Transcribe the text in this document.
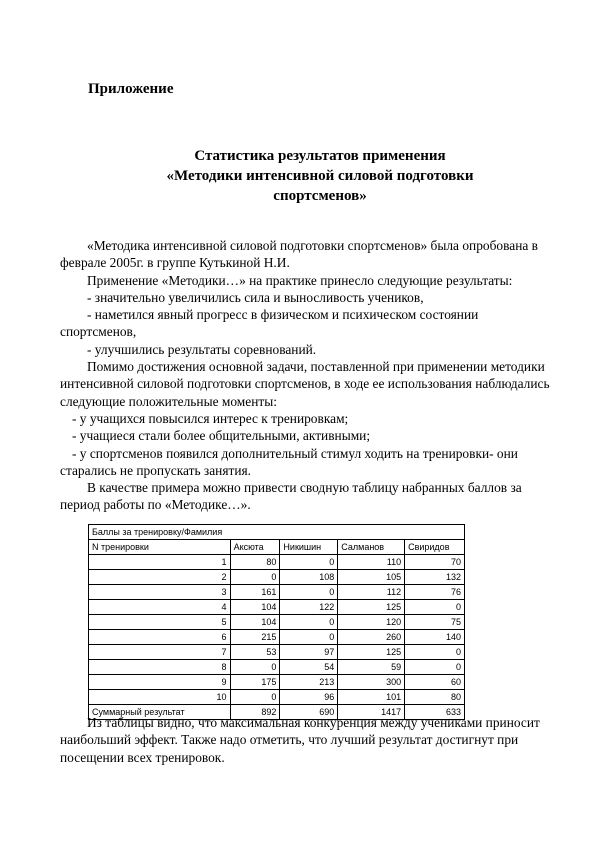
Приложение
Статистика результатов применения
«Методики интенсивной силовой подготовки
спортсменов»

«Методика интенсивной силовой подготовки спортсменов» была опробована в феврале 2005г. в группе Кутькиной Н.И.

Применение «Методики…» на практике принесло следующие результаты:

- значительно увеличились сила и выносливость учеников,

- наметился явный прогресс в физическом и психическом состоянии спортсменов,

- улучшились результаты соревнований.

Помимо достижения основной задачи, поставленной при применении методики интенсивной силовой подготовки спортсменов, в ходе ее использования наблюдались следующие положительные моменты:

- у учащихся повысился интерес к тренировкам;

- учащиеся стали более общительными, активными;

- у спортсменов появился дополнительный стимул ходить на тренировки- они старались не пропускать занятия.

В качестве примера можно привести сводную таблицу набранных баллов за период работы по «Методике…».

Баллы за тренировку/Фамилия				
N тренировки	Аксюта	Никишин	Салманов	Свиридов
1	80	0	110	70
2	0	108	105	132
3	161	0	112	76
4	104	122	125	0
5	104	0	120	75
6	215	0	260	140
7	53	97	125	0
8	0	54	59	0
9	175	213	300	60
10	0	96	101	80
Суммарный результат	892	690	1417	633

Из таблицы видно, что максимальная конкуренция между учениками приносит наибольший эффект. Также надо отметить, что лучший результат достигнут при посещении всех тренировок.
